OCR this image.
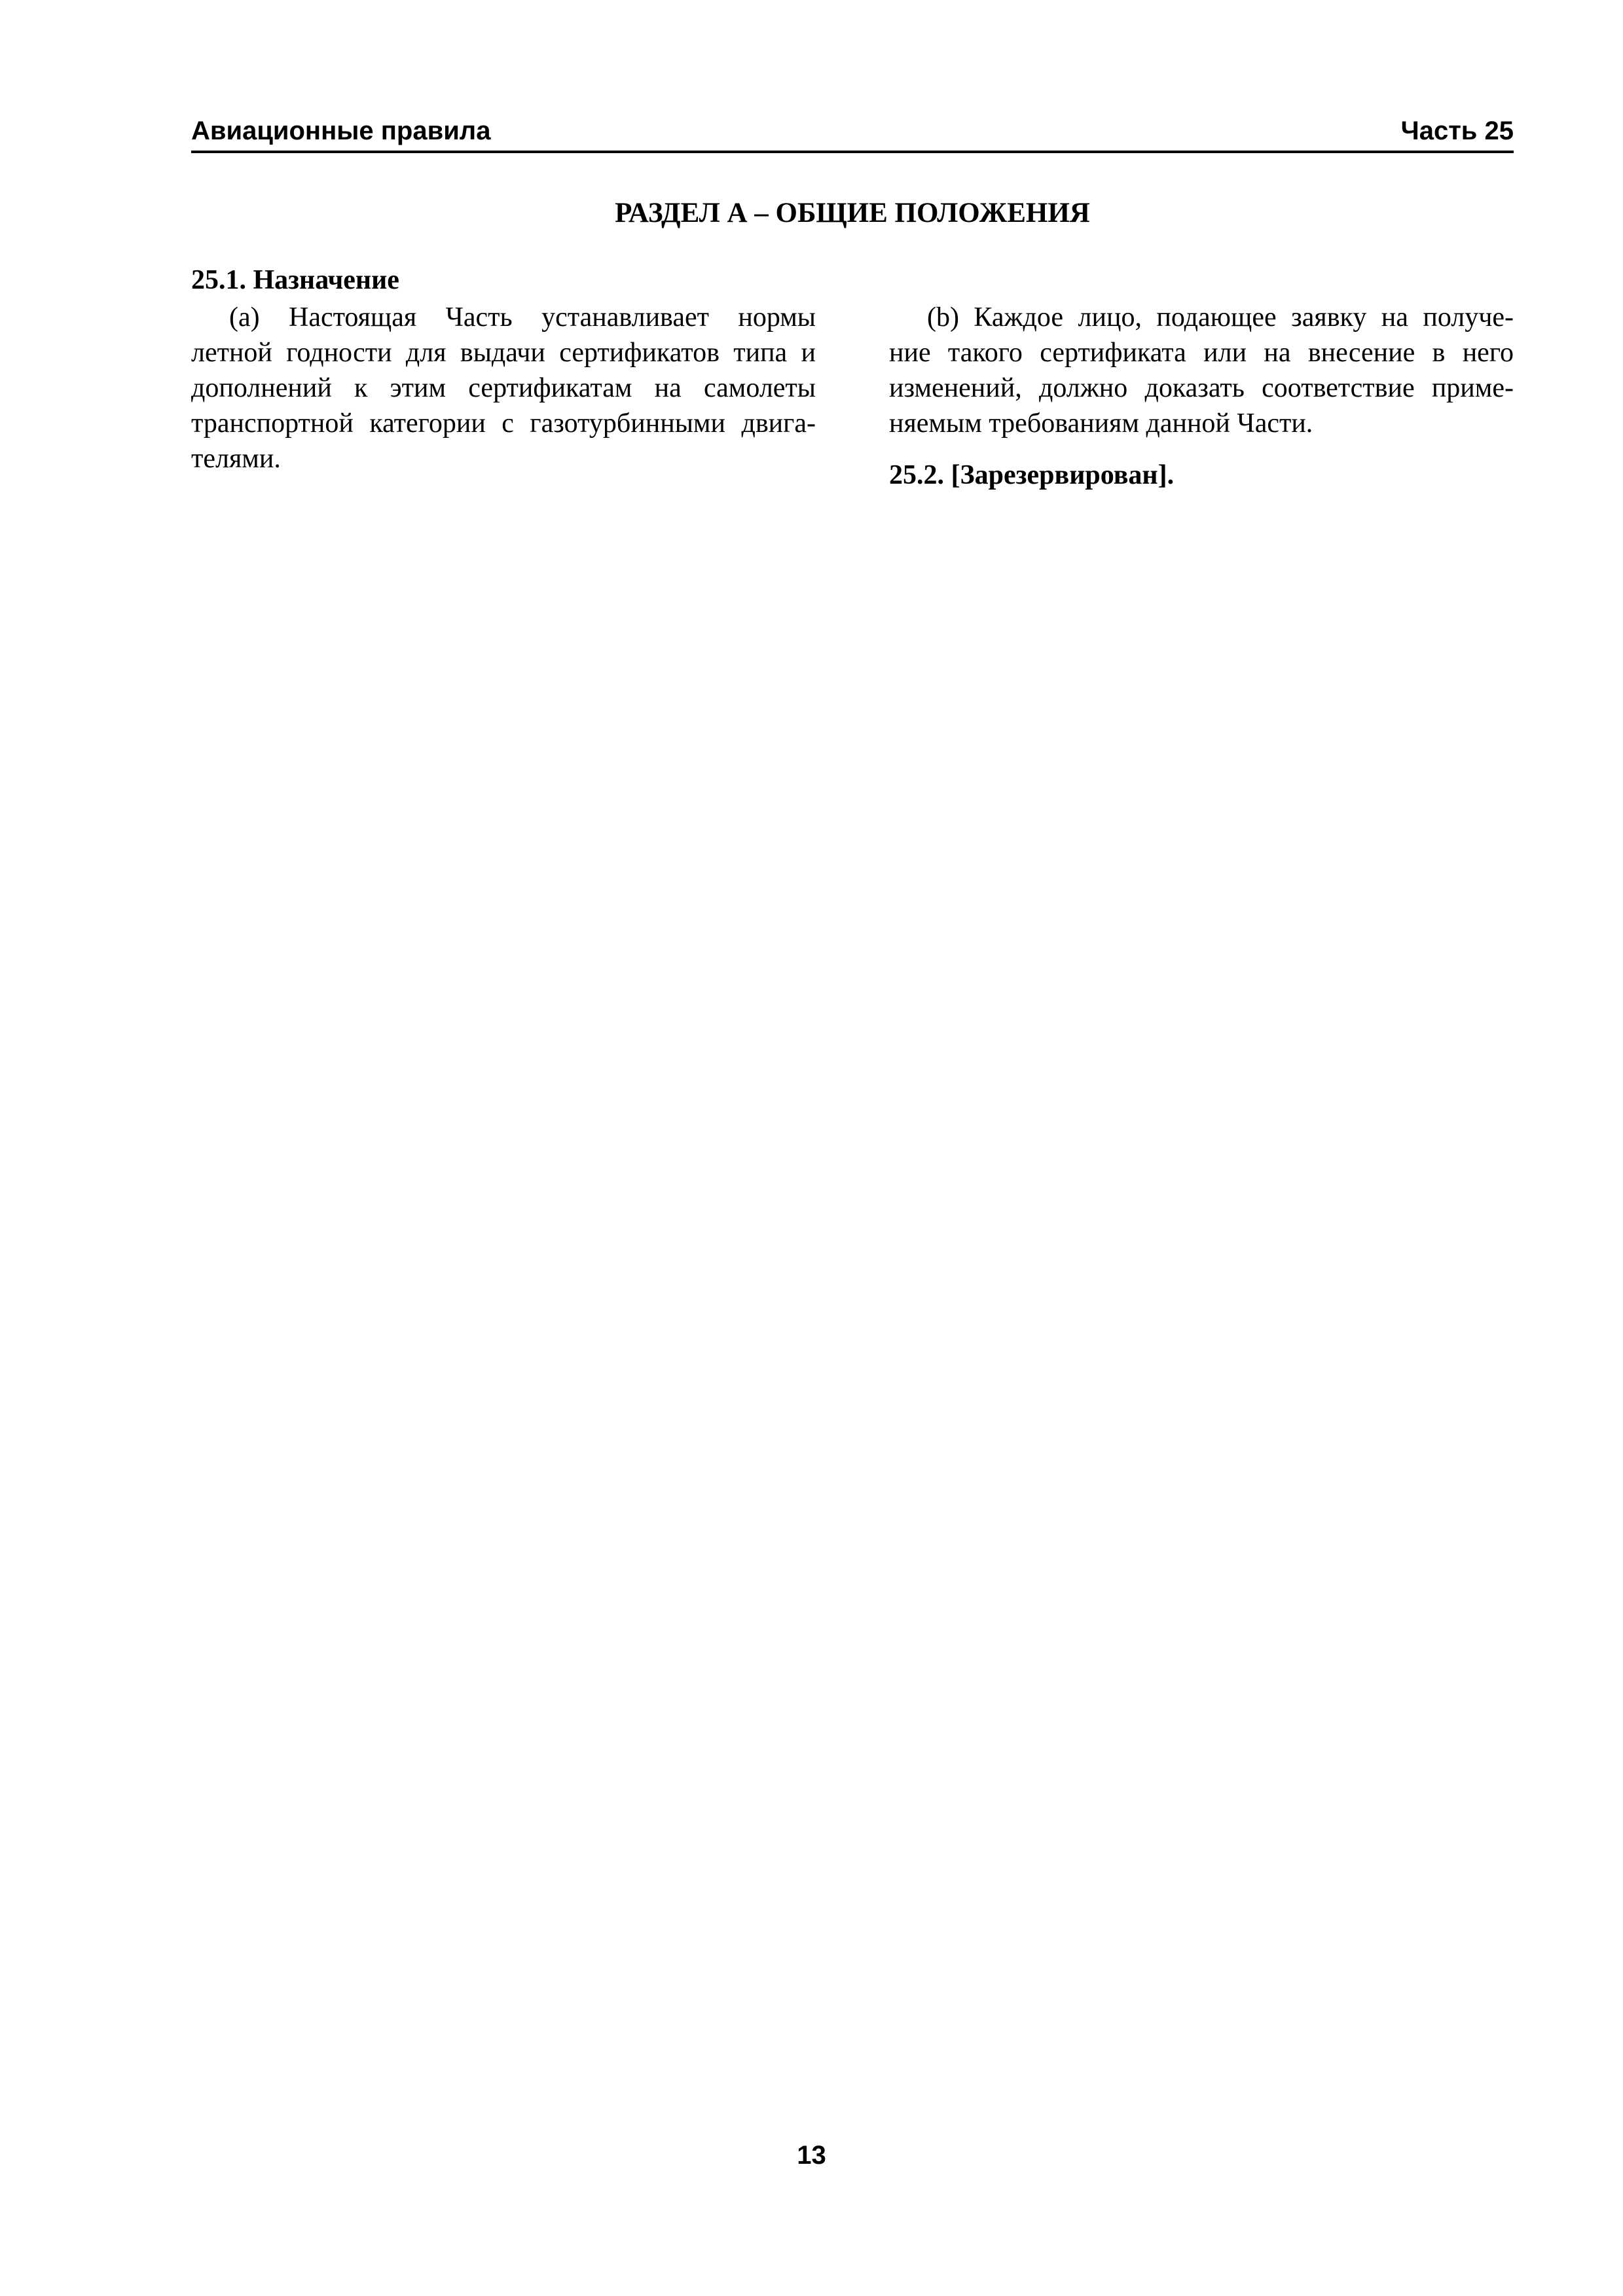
Авиационные правила	Часть 25
РАЗДЕЛ А – ОБЩИЕ ПОЛОЖЕНИЯ

25.1. Назначение

(а) Настоящая Часть устанавливает нормы
летной годности для выдачи сертификатов типа и
дополнений к этим сертификатам на самолеты
транспортной категории с газотурбинными двига-
телями.

(b) Каждое лицо, подающее заявку на получе-
ние такого сертификата или на внесение в него
изменений, должно доказать соответствие приме-
няемым требованиям данной Части.

25.2. [Зарезервирован].

13
